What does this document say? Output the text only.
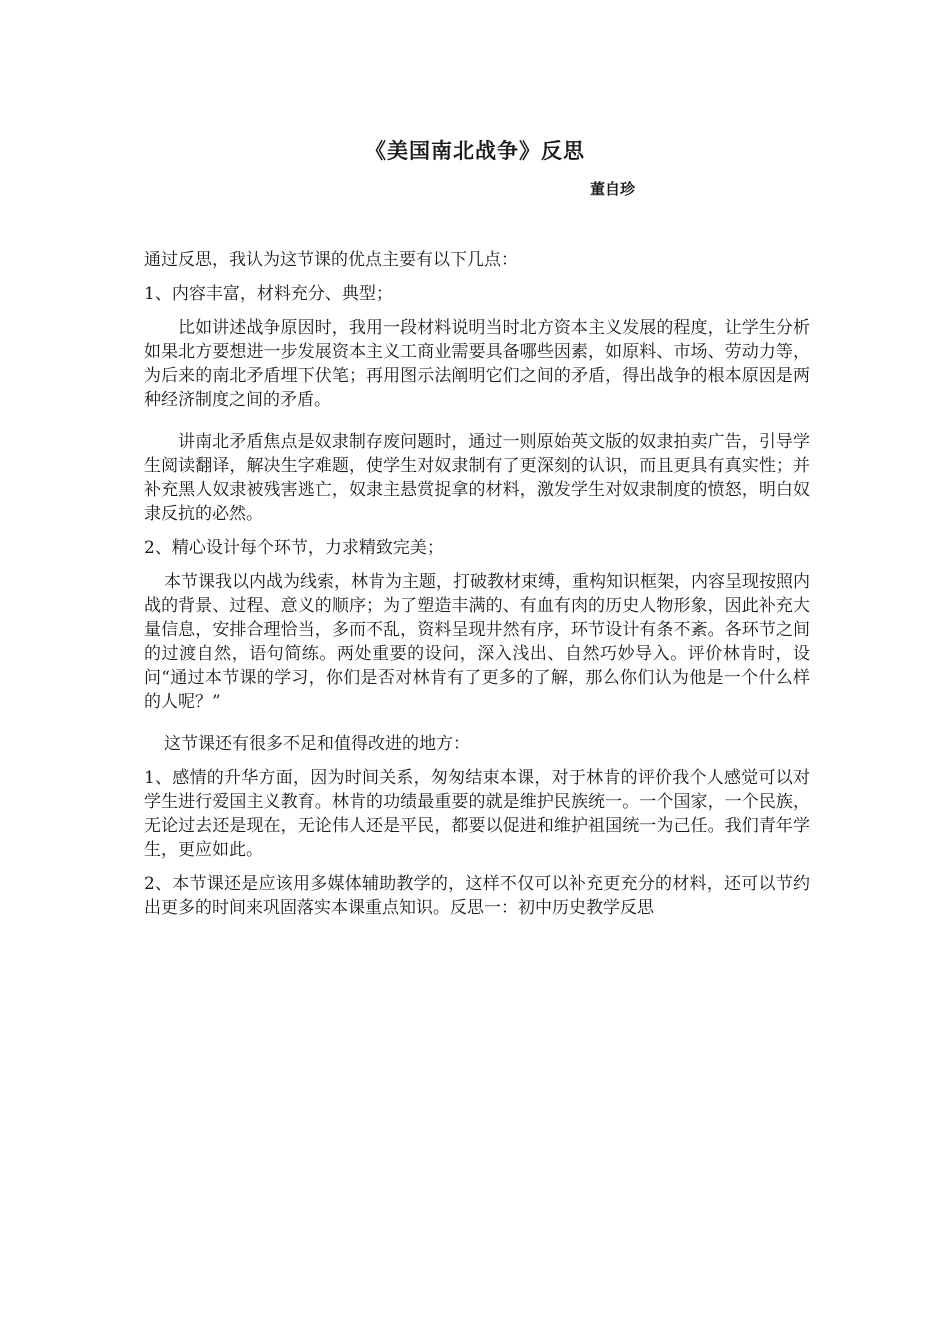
《美国南北战争》反思
董自珍

通过反思，我认为这节课的优点主要有以下几点：

1、内容丰富，材料充分、典型；

比如讲述战争原因时，我用一段材料说明当时北方资本主义发展的程度，让学生分析如果北方要想进一步发展资本主义工商业需要具备哪些因素，如原料、市场、劳动力等，为后来的南北矛盾埋下伏笔；再用图示法阐明它们之间的矛盾，得出战争的根本原因是两种经济制度之间的矛盾。

讲南北矛盾焦点是奴隶制存废问题时，通过一则原始英文版的奴隶拍卖广告，引导学生阅读翻译，解决生字难题，使学生对奴隶制有了更深刻的认识，而且更具有真实性；并补充黑人奴隶被残害逃亡，奴隶主悬赏捉拿的材料，激发学生对奴隶制度的愤怒，明白奴隶反抗的必然。

2、精心设计每个环节，力求精致完美；

本节课我以内战为线索，林肯为主题，打破教材束缚，重构知识框架，内容呈现按照内战的背景、过程、意义的顺序；为了塑造丰满的、有血有肉的历史人物形象，因此补充大量信息，安排合理恰当，多而不乱，资料呈现井然有序，环节设计有条不紊。各环节之间的过渡自然，语句简练。两处重要的设问，深入浅出、自然巧妙导入。评价林肯时，设问“通过本节课的学习，你们是否对林肯有了更多的了解，那么你们认为他是一个什么样的人呢？”

这节课还有很多不足和值得改进的地方：

1、感情的升华方面，因为时间关系，匆匆结束本课，对于林肯的评价我个人感觉可以对学生进行爱国主义教育。林肯的功绩最重要的就是维护民族统一。一个国家，一个民族，无论过去还是现在，无论伟人还是平民，都要以促进和维护祖国统一为己任。我们青年学生，更应如此。

2、本节课还是应该用多媒体辅助教学的，这样不仅可以补充更充分的材料，还可以节约出更多的时间来巩固落实本课重点知识。反思一：初中历史教学反思
